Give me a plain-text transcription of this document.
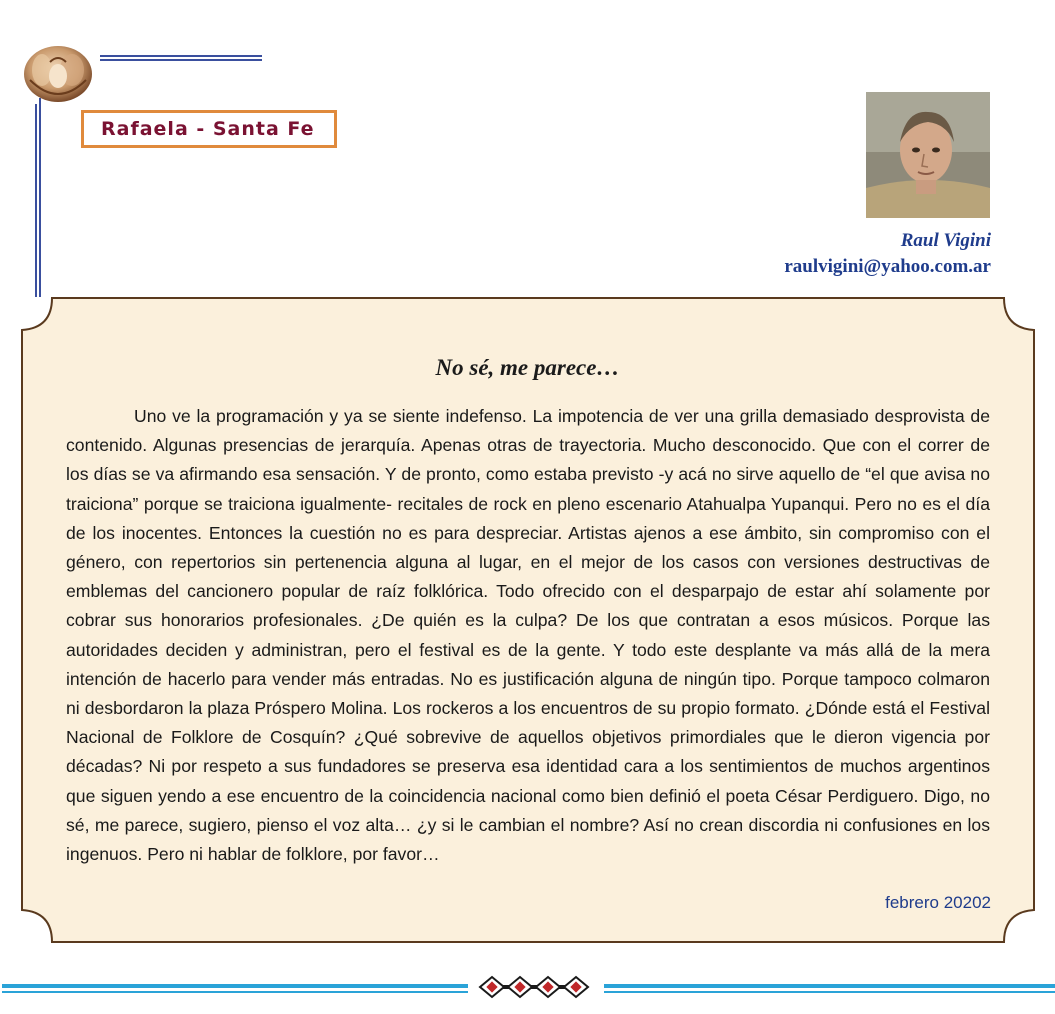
Rafaela - Santa Fe
Raul Vigini
raulvigini@yahoo.com.ar
No sé, me parece…

Uno ve la programación y ya se siente indefenso. La impotencia de ver una grilla demasiado desprovista de contenido. Algunas presencias de jerarquía. Apenas otras de trayectoria. Mucho desconocido. Que con el correr de los días se va afirmando esa sensación. Y de pronto, como estaba previsto -y acá no sirve aquello de “el que avisa no traiciona” porque se traiciona igualmente- recitales de rock en pleno escenario Atahualpa Yupanqui. Pero no es el día de los inocentes. Entonces la cuestión no es para despreciar. Artistas ajenos a ese ámbito, sin compromiso con el género, con repertorios sin pertenencia alguna al lugar, en el mejor de los casos con versiones destructivas de emblemas del cancionero popular de raíz folklórica. Todo ofrecido con el desparpajo de estar ahí solamente por cobrar sus honorarios profesionales. ¿De quién es la culpa? De los que contratan a esos músicos. Porque las autoridades deciden y administran, pero el festival es de la gente. Y todo este desplante va más allá de la mera intención de hacerlo para vender más entradas. No es justificación alguna de ningún tipo. Porque tampoco colmaron ni desbordaron la plaza Próspero Molina. Los rockeros a los encuentros de su propio formato. ¿Dónde está el Festival Nacional de Folklore de Cosquín? ¿Qué sobrevive de aquellos objetivos primordiales que le dieron vigencia por décadas? Ni por respeto a sus fundadores se preserva esa identidad cara a los sentimientos de muchos argentinos que siguen yendo a ese encuentro de la coincidencia nacional como bien definió el poeta César Perdiguero. Digo, no sé, me parece, sugiero, pienso el voz alta… ¿y si le cambian el nombre? Así no crean discordia ni confusiones en los ingenuos. Pero ni hablar de folklore, por favor…

febrero 20202
